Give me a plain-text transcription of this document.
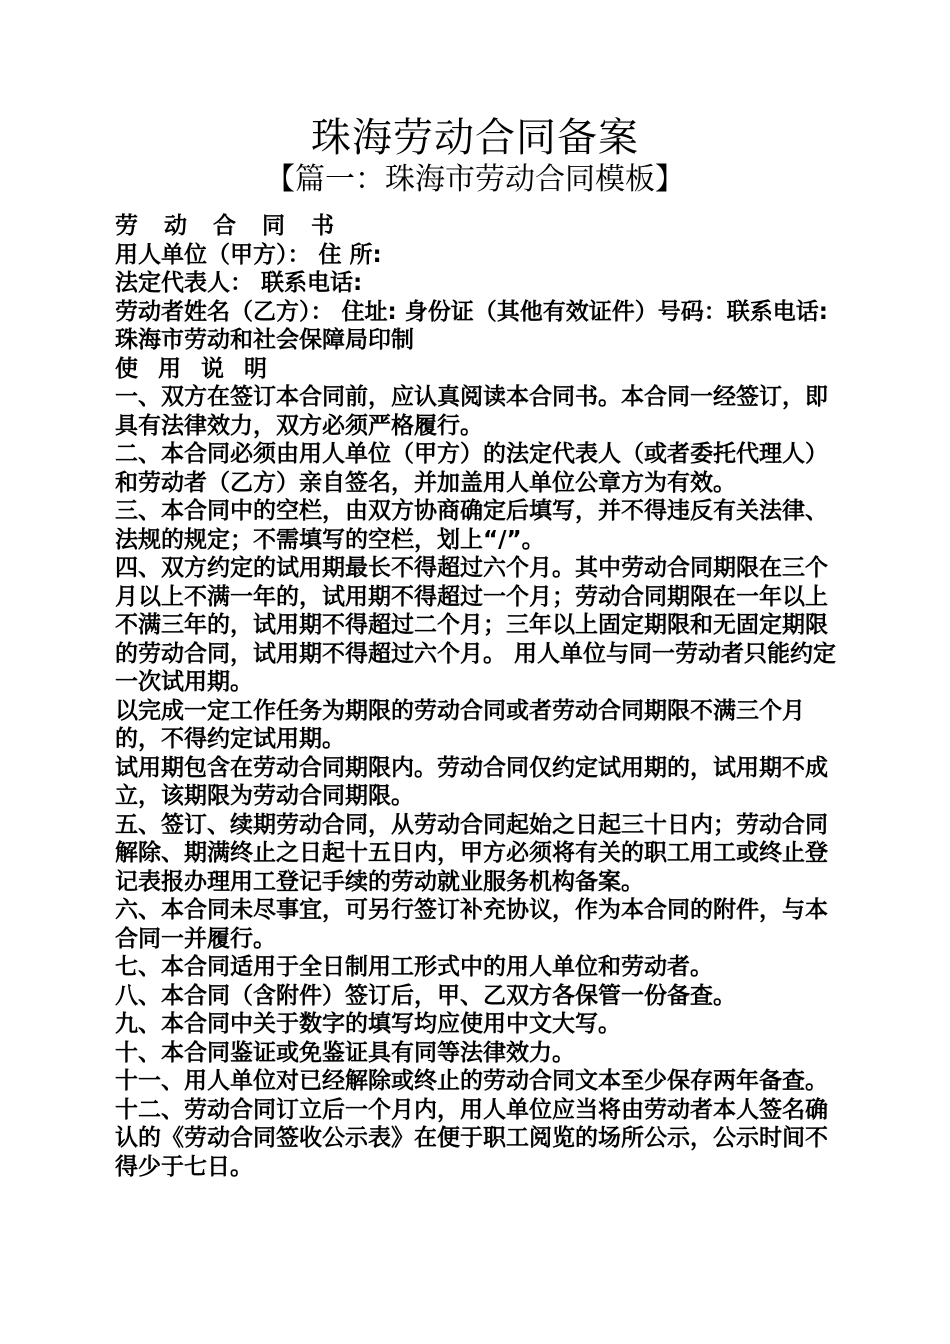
珠海劳动合同备案
【篇一：珠海市劳动合同模板】

劳 动 合 同 书

用人单位（甲方）： 住 所:

法定代表人： 联系电话:

劳动者姓名（乙方）： 住址: 身份证（其他有效证件）号码：联系电话:

珠海市劳动和社会保障局印制

使 用 说 明

一、双方在签订本合同前，应认真阅读本合同书。本合同一经签订，即具有法律效力，双方必须严格履行。

二、本合同必须由用人单位（甲方）的法定代表人（或者委托代理人）和劳动者（乙方）亲自签名，并加盖用人单位公章方为有效。

三、本合同中的空栏，由双方协商确定后填写，并不得违反有关法律、法规的规定；不需填写的空栏，划上“/”。

四、双方约定的试用期最长不得超过六个月。其中劳动合同期限在三个月以上不满一年的，试用期不得超过一个月；劳动合同期限在一年以上不满三年的，试用期不得超过二个月；三年以上固定期限和无固定期限的劳动合同，试用期不得超过六个月。 用人单位与同一劳动者只能约定一次试用期。

以完成一定工作任务为期限的劳动合同或者劳动合同期限不满三个月的，不得约定试用期。

试用期包含在劳动合同期限内。劳动合同仅约定试用期的，试用期不成立，该期限为劳动合同期限。

五、签订、续期劳动合同，从劳动合同起始之日起三十日内；劳动合同解除、期满终止之日起十五日内，甲方必须将有关的职工用工或终止登记表报办理用工登记手续的劳动就业服务机构备案。

六、本合同未尽事宜，可另行签订补充协议，作为本合同的附件，与本合同一并履行。

七、本合同适用于全日制用工形式中的用人单位和劳动者。

八、本合同（含附件）签订后，甲、乙双方各保管一份备查。

九、本合同中关于数字的填写均应使用中文大写。

十、本合同鉴证或免鉴证具有同等法律效力。

十一、用人单位对已经解除或终止的劳动合同文本至少保存两年备查。

十二、劳动合同订立后一个月内，用人单位应当将由劳动者本人签名确认的《劳动合同签收公示表》在便于职工阅览的场所公示，公示时间不得少于七日。
